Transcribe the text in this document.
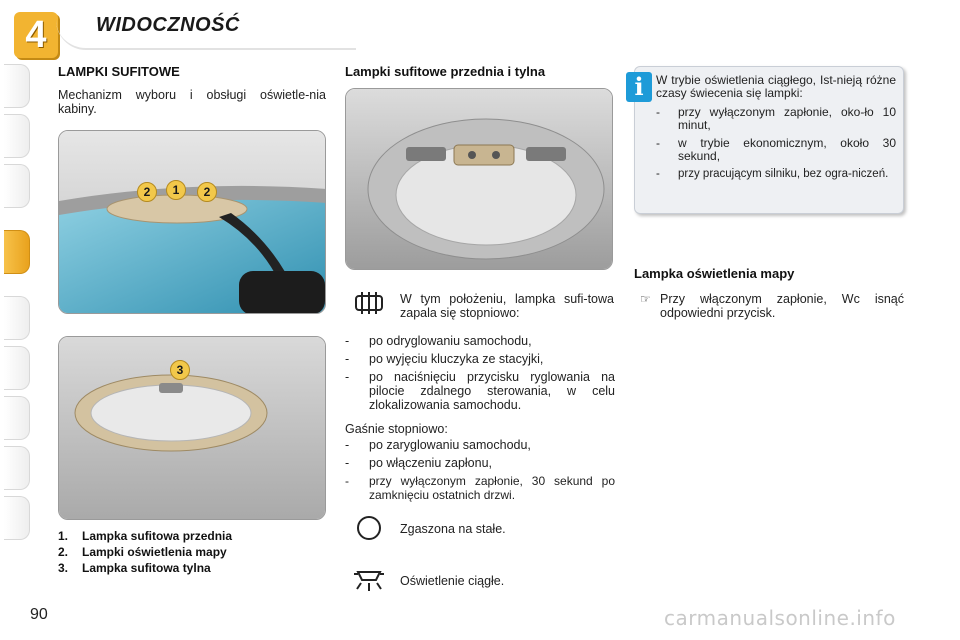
4	WIDOCZNOŚĆ
LAMPKI SUFITOWE
Mechanizm wyboru i obsługi oświetle-nia kabiny.
2	1	2
3
1.	Lampka sufitowa przednia
2.	Lampki oświetlenia mapy
3.	Lampka sufitowa tylna
Lampki sufitowe przednia i tylna
W tym położeniu, lampka sufi-towa zapala się stopniowo:
-	po odryglowaniu samochodu,
-	po wyjęciu kluczyka ze stacyjki,
-	po naciśnięciu przycisku ryglowania na pilocie zdalnego sterowania, w celu zlokalizowania samochodu.
Gaśnie stopniowo:
-	po zaryglowaniu samochodu,
-	po włączeniu zapłonu,
-	przy wyłączonym zapłonie, 30 sekund po zamknięciu ostatnich drzwi.
Zgaszona na stałe.
Oświetlenie ciągłe.
i	W trybie oświetlenia ciągłego, Ist-nieją różne czasy świecenia się lampki:
-	przy wyłączonym zapłonie, oko-ło 10 minut,
-	w trybie ekonomicznym, około 30 sekund,
-	przy pracującym silniku, bez ogra-niczeń.
Lampka oświetlenia mapy
☞ Przy włączonym zapłonie, Wc isnąć odpowiedni przycisk.
90	carmanualsonline.info
